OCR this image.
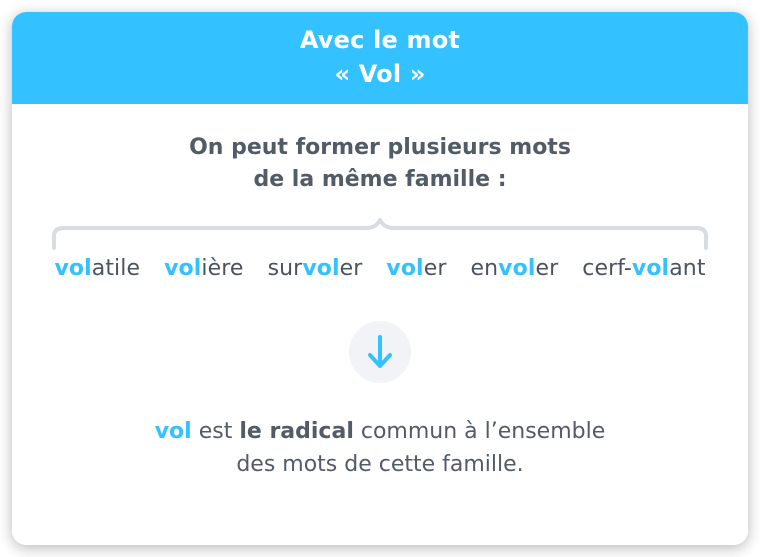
Avec le mot
« Vol »
On peut former plusieurs mots
de la même famille :
volatile volière survoler voler envoler cerf-volant
vol est le radical commun à l’ensemble
des mots de cette famille.
